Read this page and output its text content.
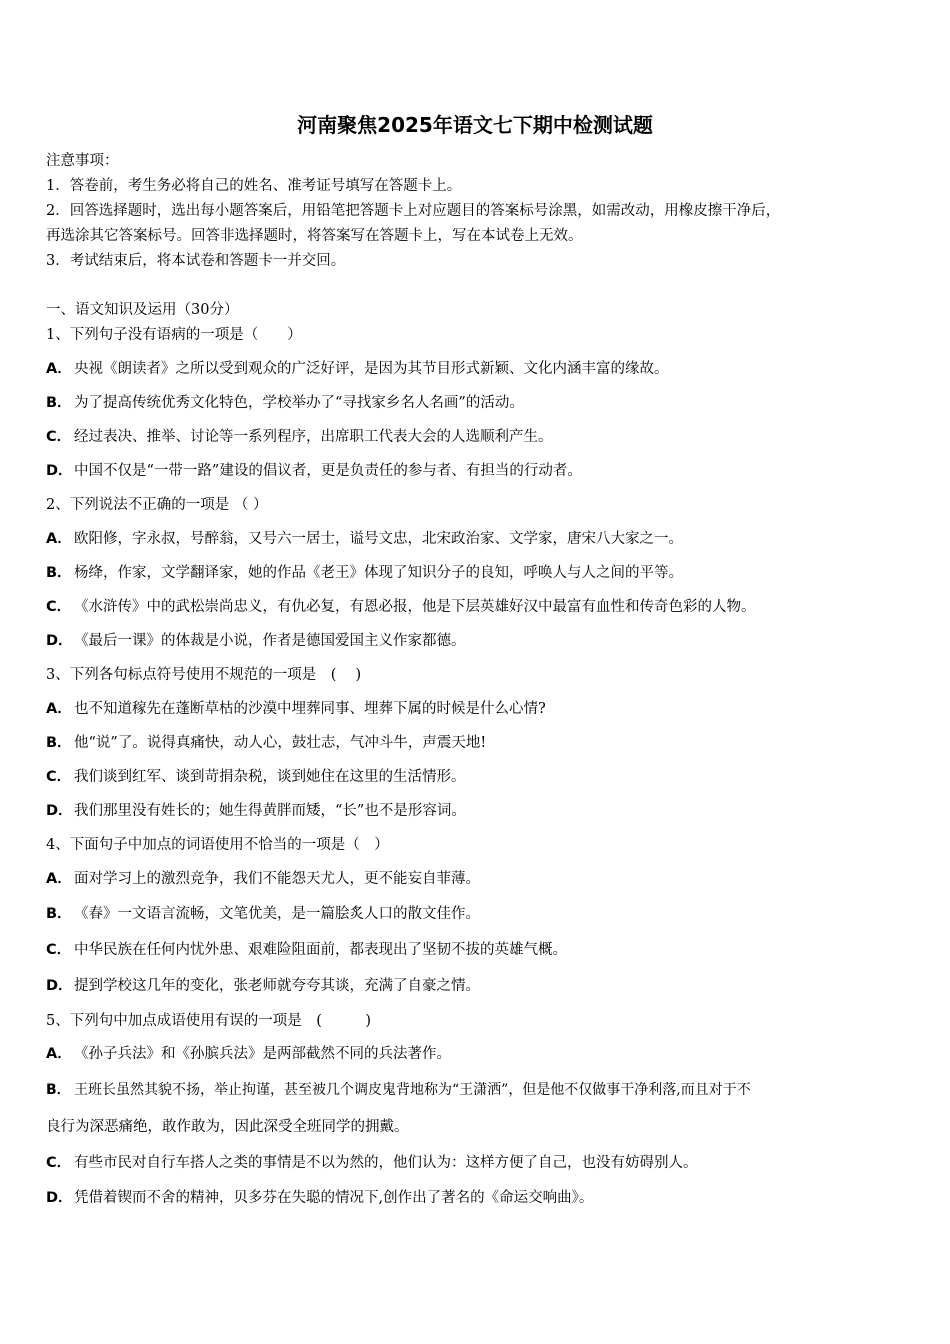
河南聚焦2025年语文七下期中检测试题
注意事项：
1．答卷前，考生务必将自己的姓名、准考证号填写在答题卡上。
2．回答选择题时，选出每小题答案后，用铅笔把答题卡上对应题目的答案标号涂黑，如需改动，用橡皮擦干净后，
再选涂其它答案标号。回答非选择题时，将答案写在答题卡上，写在本试卷上无效。
3．考试结束后，将本试卷和答题卡一并交回。
一、语文知识及运用（30分）
1、下列句子没有语病的一项是（　　）
A． 央视《朗读者》之所以受到观众的广泛好评，是因为其节目形式新颖、文化内涵丰富的缘故。
B． 为了提高传统优秀文化特色，学校举办了“寻找家乡名人名画”的活动。
C． 经过表决、推举、讨论等一系列程序，出席职工代表大会的人选顺利产生。
D．中国不仅是“一带一路”建设的倡议者，更是负责任的参与者、有担当的行动者。
2、下列说法不正确的一项是 （ ）
A． 欧阳修，字永叔，号醉翁，又号六一居士，谥号文忠，北宋政治家、文学家，唐宋八大家之一。
B． 杨绛，作家，文学翻译家，她的作品《老王》体现了知识分子的良知，呼唤人与人之间的平等。
C． 《水浒传》中的武松崇尚忠义，有仇必复，有恩必报，他是下层英雄好汉中最富有血性和传奇色彩的人物。
D．《最后一课》的体裁是小说，作者是德国爱国主义作家都德。
3、下列各句标点符号使用不规范的一项是　(　 )
A． 也不知道稼先在蓬断草枯的沙漠中埋葬同事、埋葬下属的时候是什么心情?
B． 他“说”了。说得真痛快，动人心，鼓壮志，气冲斗牛，声震天地!
C． 我们谈到红军、谈到苛捐杂税，谈到她住在这里的生活情形。
D．我们那里没有姓长的；她生得黄胖而矮，“长”也不是形容词。
4、下面句子中加点的词语使用不恰当的一项是（　）
A． 面对学习上的激烈竞争，我们不能怨天尤人，更不能妄自菲薄。
B． 《春》一文语言流畅，文笔优美，是一篇脍炙人口的散文佳作。
C． 中华民族在任何内忧外患、艰难险阻面前，都表现出了坚韧不拔的英雄气概。
D．提到学校这几年的变化，张老师就夸夸其谈，充满了自豪之情。
5、下列句中加点成语使用有误的一项是　(　　　)
A． 《孙子兵法》和《孙膑兵法》是两部截然不同的兵法著作。
B． 王班长虽然其貌不扬，举止拘谨，甚至被几个调皮鬼背地称为“王潇洒”，但是他不仅做事干净利落,而且对于不
良行为深恶痛绝，敢作敢为，因此深受全班同学的拥戴。
C． 有些市民对自行车搭人之类的事情是不以为然的，他们认为：这样方便了自己，也没有妨碍别人。
D．凭借着锲而不舍的精神，贝多芬在失聪的情况下,创作出了著名的《命运交响曲》。
